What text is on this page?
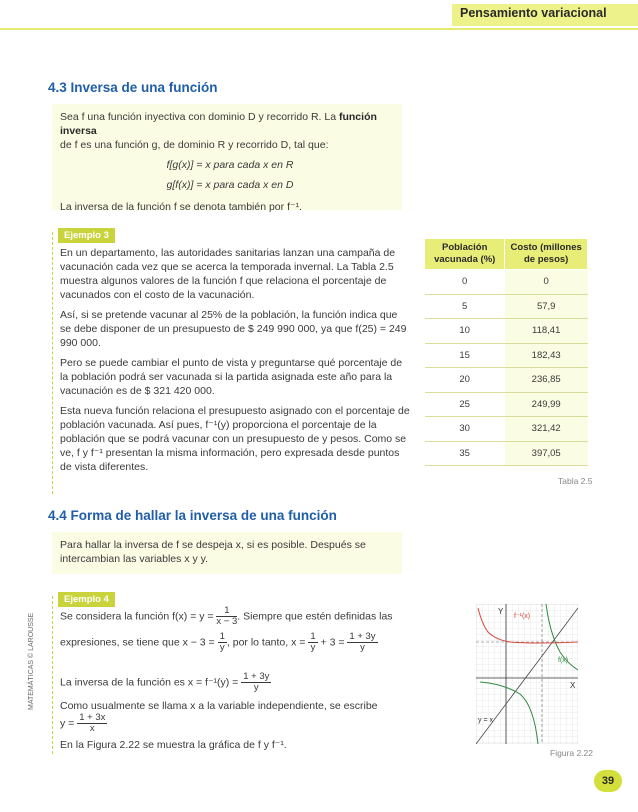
Pensamiento variacional
4.3 Inversa de una función

Sea f una función inyectiva con dominio D y recorrido R. La función inversa

de f es una función g, de dominio R y recorrido D, tal que:

f[g(x)] = x para cada x en R

g[f(x)] = x para cada x en D

La inversa de la función f se denota también por f⁻¹.

Ejemplo 3

En un departamento, las autoridades sanitarias lanzan una campaña de vacunación cada vez que se acerca la temporada invernal. La Tabla 2.5 muestra algunos valores de la función f que relaciona el porcentaje de vacunados con el costo de la vacunación.

Así, si se pretende vacunar al 25% de la población, la función indica que se debe disponer de un presupuesto de $ 249 990 000, ya que f(25) = 249 990 000.

Pero se puede cambiar el punto de vista y preguntarse qué porcentaje de la población podrá ser vacunada si la partida asignada este año para la vacunación es de $ 321 420 000.

Esta nueva función relaciona el presupuesto asignado con el porcentaje de población vacunada. Así pues, f⁻¹(y) proporciona el porcentaje de la población que se podrá vacunar con un presupuesto de y pesos. Como se ve, f y f⁻¹ presentan la misma información, pero expresada desde puntos de vista diferentes.

Población vacunada (%)	Costo (millones de pesos)
0	0
5	57,9
10	118,41
15	182,43
20	236,85
25	249,99
30	321,42
35	397,05
Tabla 2.5
4.4 Forma de hallar la inversa de una función
Para hallar la inversa de f se despeja x, si es posible. Después se intercambian las variables x y y.
Ejemplo 4
Se considera la función $f(x) = y = \frac{1}{x - 3}$ . Siempre que estén definidas las
expresiones, se tiene que $x - 3 = \frac{1}{y}$ , por lo tanto, $x = \frac{1}{y} + 3 = \frac{1 + 3y}{y}$
La inversa de la función es $x = f^{-1}(y) = \frac{1 + 3y}{y}$
Como usualmente se llama x a la variable independiente, se escribe
$y = \frac{1 + 3x}{x}$
En la Figura 2.22 se muestra la gráfica de f y f⁻¹.
Y
X
f⁻¹(x)
f(x)
y = x
Figura 2.22
MATEMÁTICAS © LAROUSSE
39
